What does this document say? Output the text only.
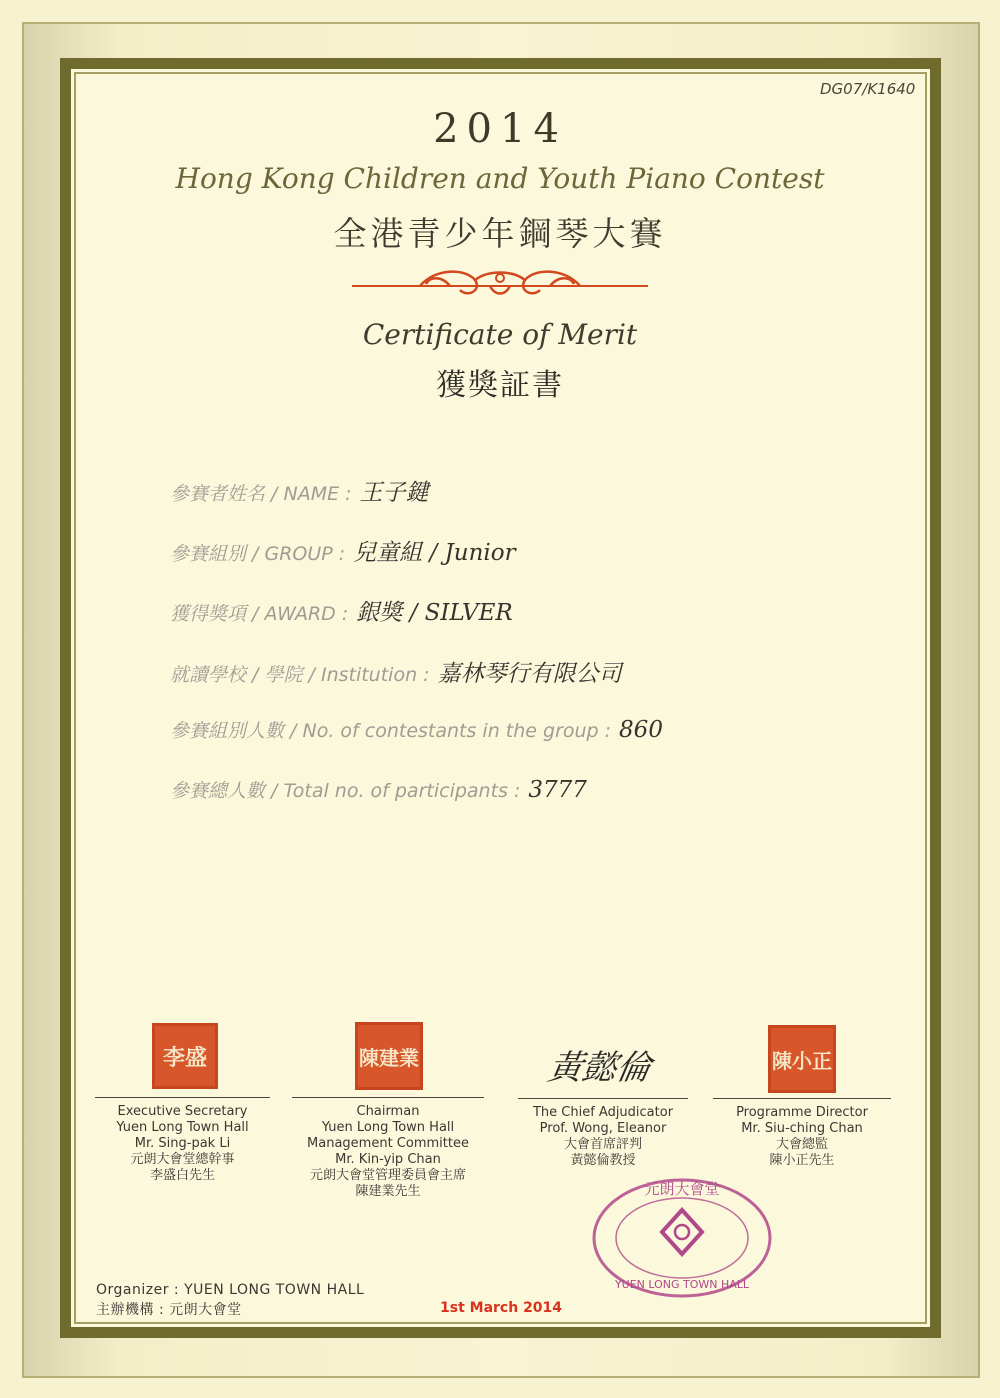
DG07/K1640
2014
Hong Kong Children and Youth Piano Contest
全港青少年鋼琴大賽
Certificate of Merit
獲獎証書
參賽者姓名 / NAME : 王子鍵
參賽組別 / GROUP : 兒童組 / Junior
獲得獎項 / AWARD : 銀獎 / SILVER
就讀學校 / 學院 / Institution : 嘉林琴行有限公司
參賽組別人數 / No. of contestants in the group : 860
參賽總人數 / Total no. of participants : 3777
李盛
Executive Secretary
Yuen Long Town Hall
Mr. Sing-pak Li
元朗大會堂總幹事
李盛白先生
陳建業
Chairman
Yuen Long Town Hall
Management Committee
Mr. Kin-yip Chan
元朗大會堂管理委員會主席
陳建業先生
黃懿倫
The Chief Adjudicator
Prof. Wong, Eleanor
大會首席評判
黃懿倫教授
陳小正
Programme Director
Mr. Siu-ching Chan
大會總監
陳小正先生
元朗大會堂
YUEN LONG TOWN HALL
Organizer : YUEN LONG TOWN HALL
主辦機構 : 元朗大會堂	1st March 2014
